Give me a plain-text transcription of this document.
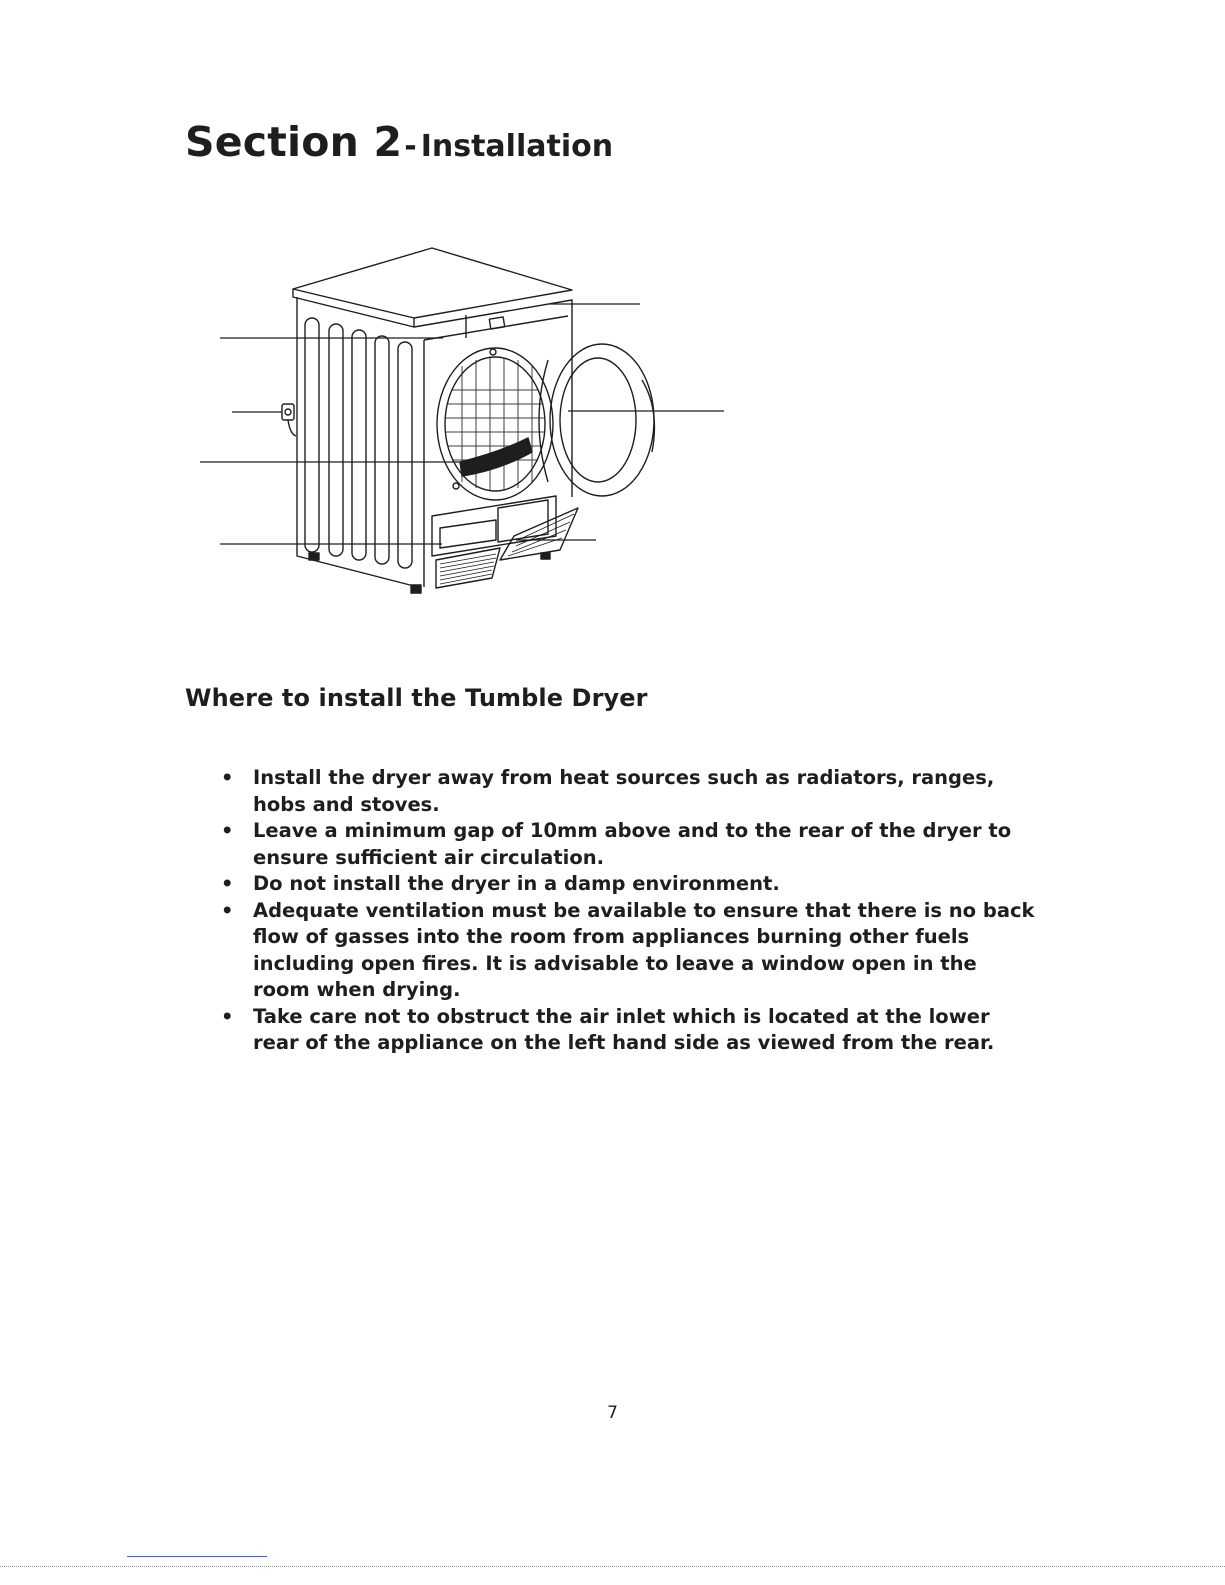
Section 2- Installation
Where to install the Tumble Dryer
• Install the dryer away from heat sources such as radiators, ranges, hobs and stoves.
• Leave a minimum gap of 10mm above and to the rear of the dryer to ensure sufficient air circulation.
• Do not install the dryer in a damp environment.
• Adequate ventilation must be available to ensure that there is no back flow of gasses into the room from appliances burning other fuels including open fires. It is advisable to leave a window open in the room when drying.
• Take care not to obstruct the air inlet which is located at the lower rear of the appliance on the left hand side as viewed from the rear.
7
